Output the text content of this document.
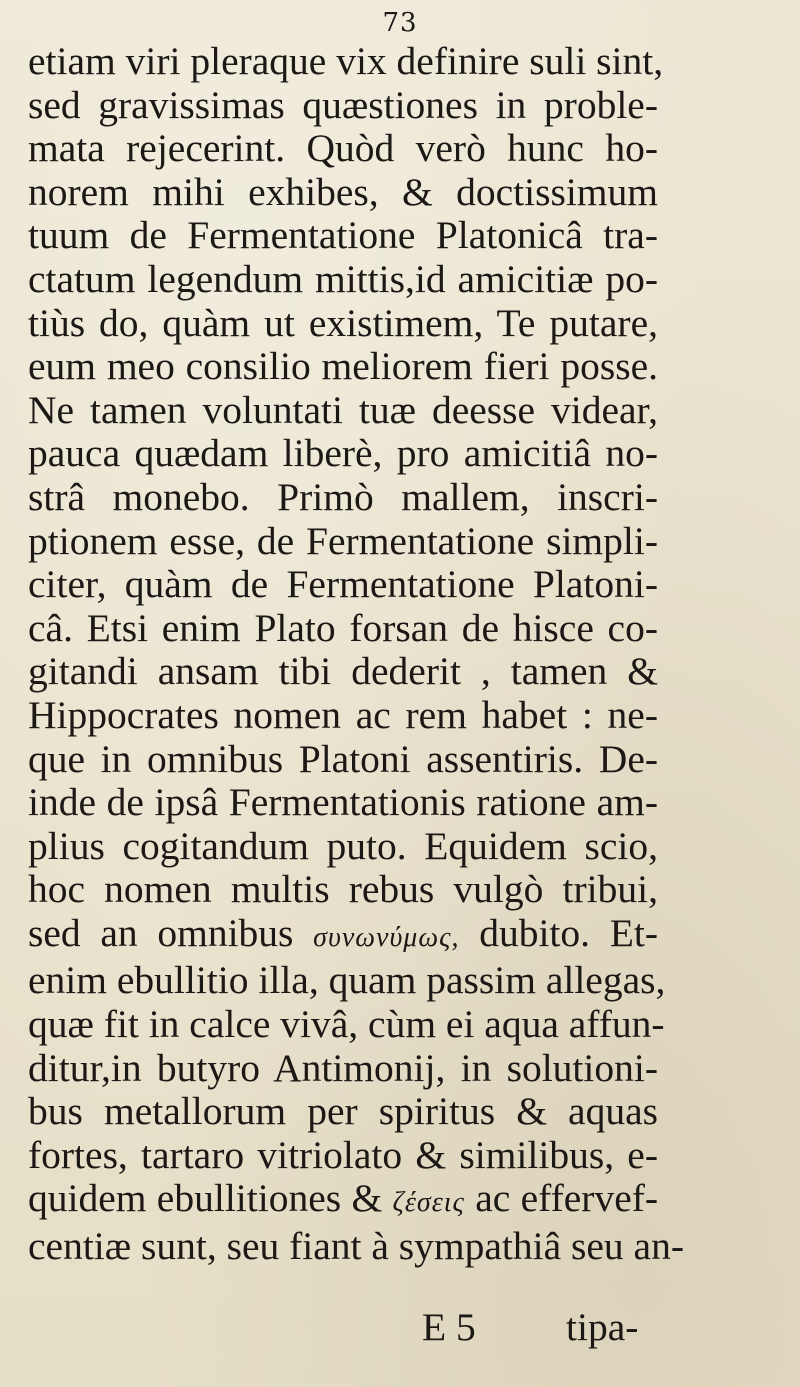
73
etiam viri pleraque vix definire suli sint,
sed gravissimas quæstiones in proble-
mata rejecerint. Quòd verò hunc ho-
norem mihi exhibes, & doctissimum
tuum de Fermentatione Platonicâ tra-
ctatum legendum mittis,id amicitiæ po-
tiùs do, quàm ut existimem, Te putare,
eum meo consilio meliorem fieri posse.
Ne tamen voluntati tuæ deesse videar,
pauca quædam liberè, pro amicitiâ no-
strâ monebo. Primò mallem, inscri-
ptionem esse, de Fermentatione simpli-
citer, quàm de Fermentatione Platoni-
câ. Etsi enim Plato forsan de hisce co-
gitandi ansam tibi dederit , tamen &
Hippocrates nomen ac rem habet : ne-
que in omnibus Platoni assentiris. De-
inde de ipsâ Fermentationis ratione am-
plius cogitandum puto. Equidem scio,
hoc nomen multis rebus vulgò tribui,
sed an omnibus συνωνύμως, dubito. Et-
enim ebullitio illa, quam passim allegas,
quæ fit in calce vivâ, cùm ei aqua affun-
ditur,in butyro Antimonij, in solutioni-
bus metallorum per spiritus & aquas
fortes, tartaro vitriolato & similibus, e-
quidem ebullitiones & ζέσεις ac effervef-
centiæ sunt, seu fiant à sympathiâ seu an-
E 5 tipa-
